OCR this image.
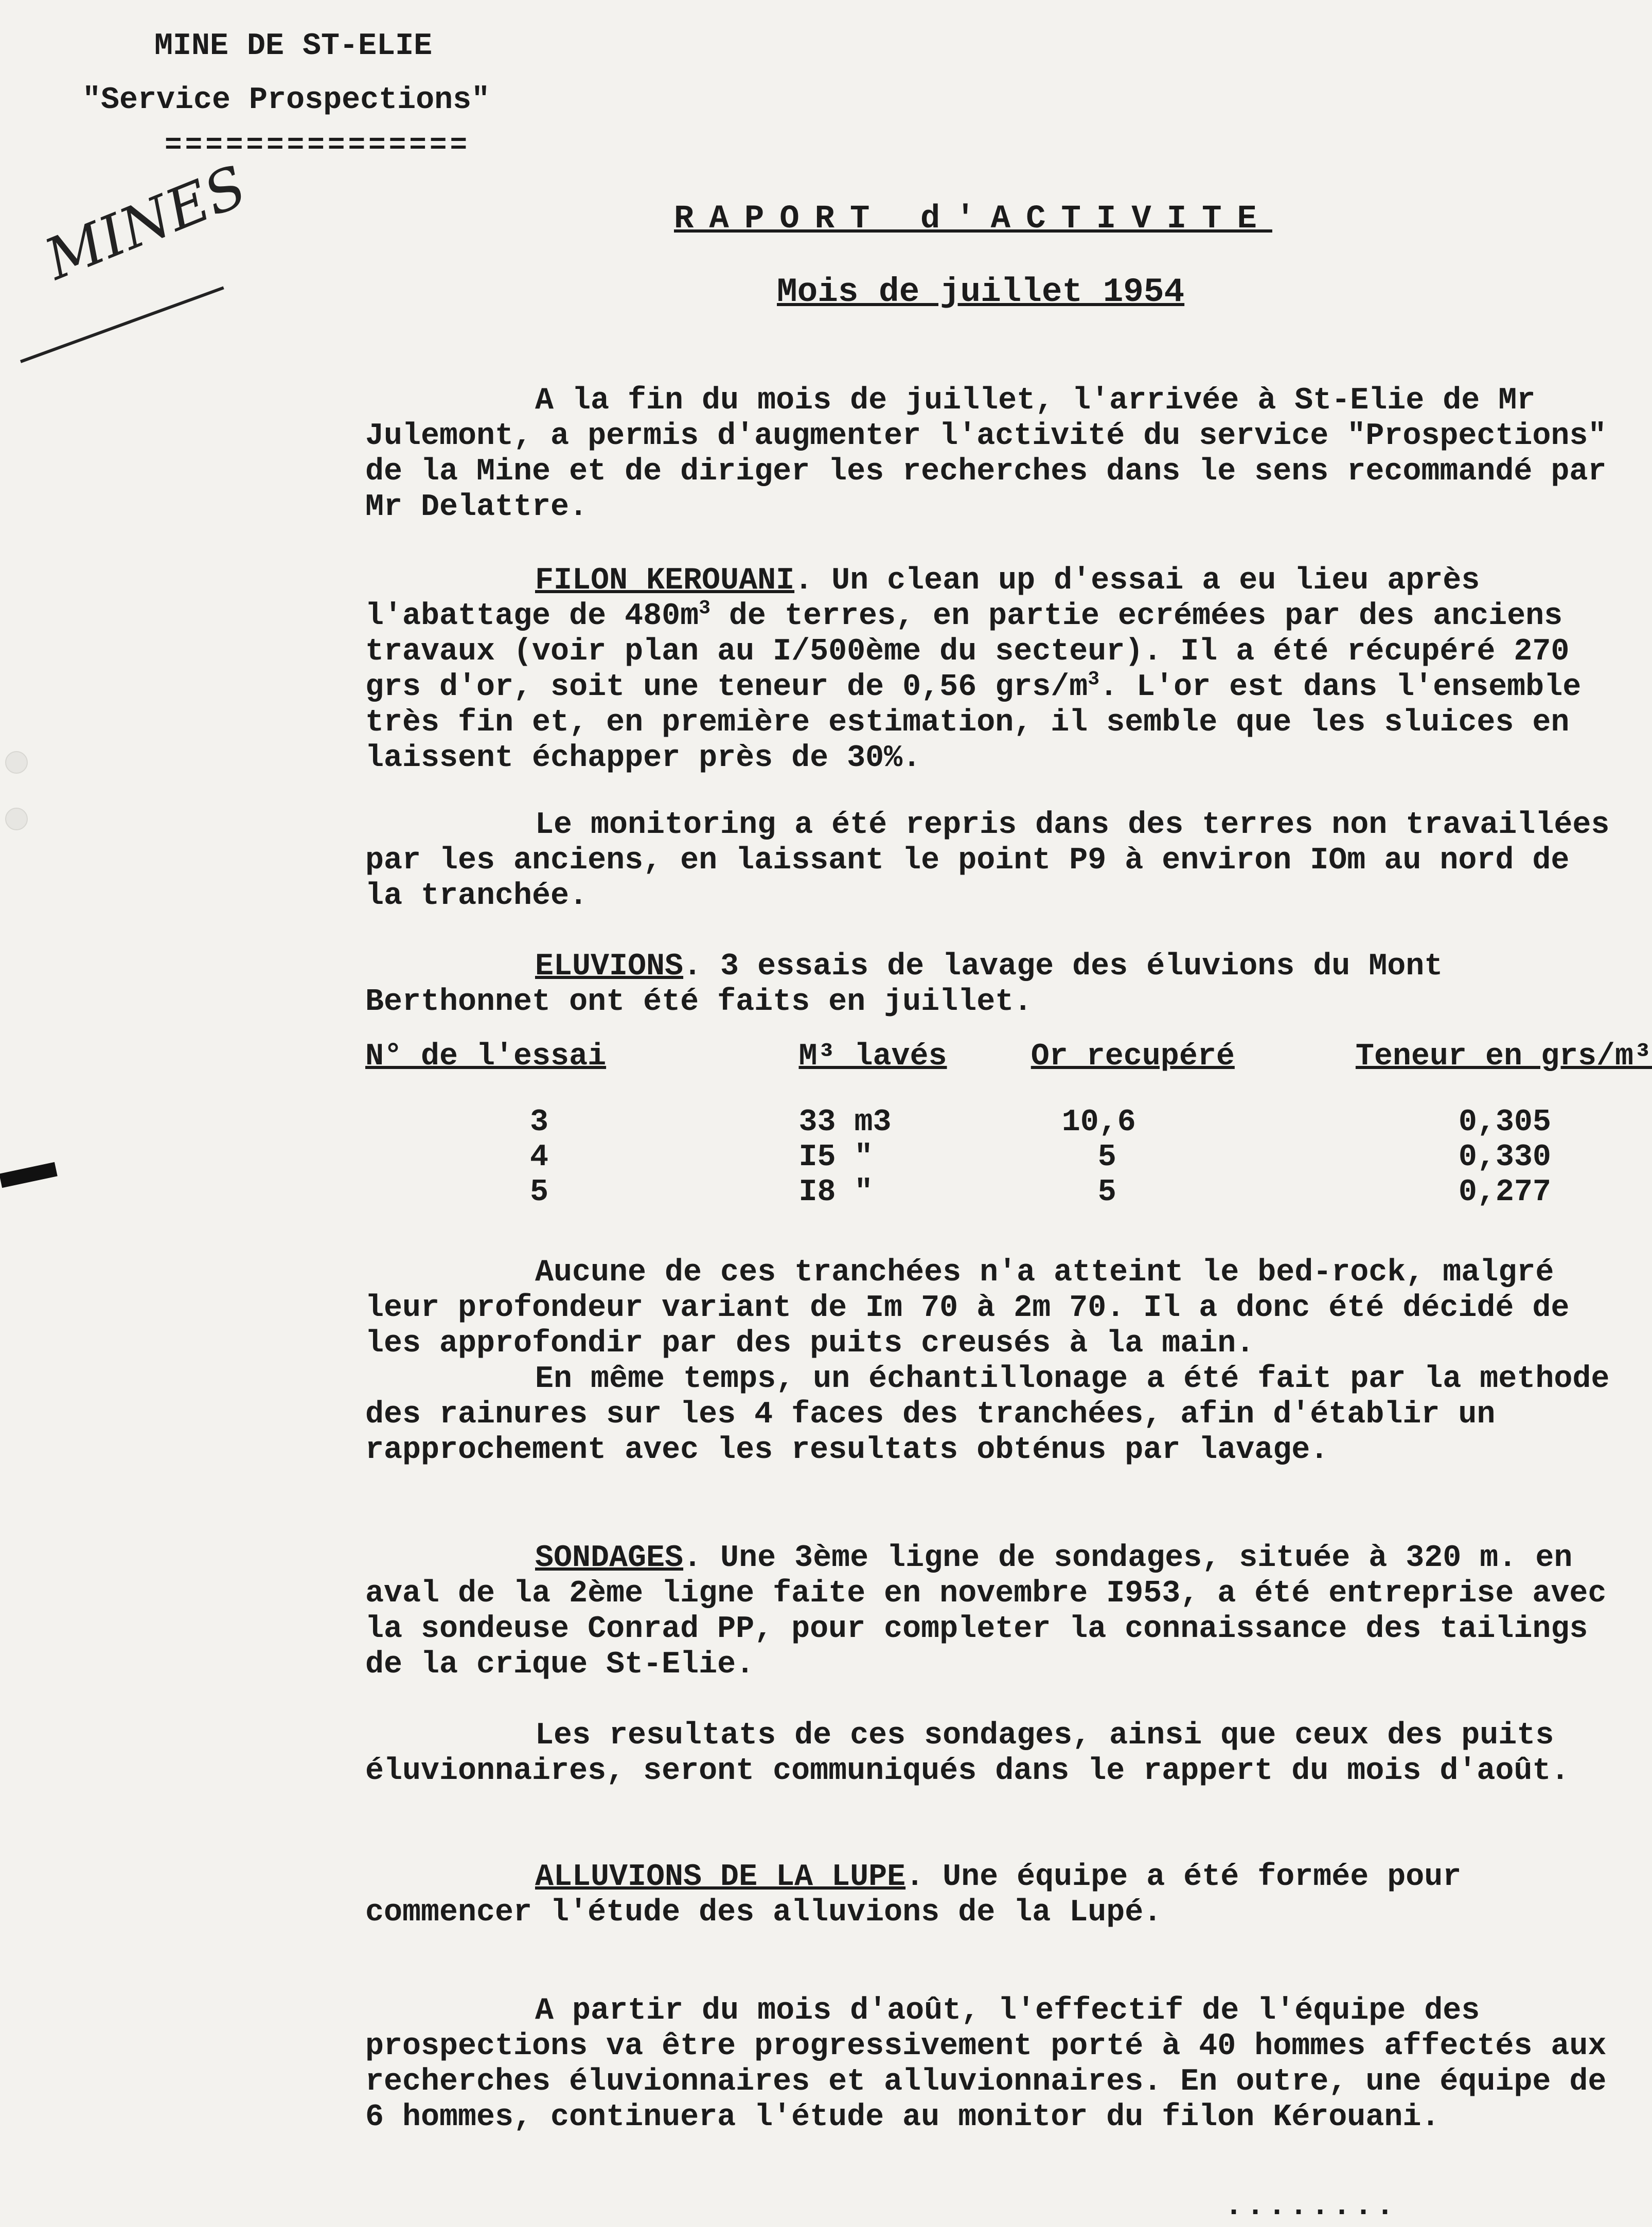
MINE DE ST-ELIE
"Service Prospections"
===============
MINES	RAPORT d'ACTIVITE
Mois de juillet 1954

A la fin du mois de juillet, l'arrivée à St-Elie de Mr Julemont, a permis d'augmenter l'activité du service "Prospections" de la Mine et de diriger les recherches dans le sens recommandé par Mr Delattre.

FILON KEROUANI. Un clean up d'essai a eu lieu après l'abattage de $480m^3$ de terres, en partie ecrémées par des anciens travaux (voir plan au I/500ème du secteur). Il a été récupéré 270 grs d'or, soit une teneur de 0,56 grs/$m^3$. L'or est dans l'ensemble très fin et, en première estimation, il semble que les sluices en laissent échapper près de 30%.

Le monitoring a été repris dans des terres non travaillées par les anciens, en laissant le point P9 à environ IOm au nord de la tranchée.

ELUVIONS. 3 essais de lavage des éluvions du Mont Berthonnet ont été faits en juillet.

N° de l'essai	M³ lavés	Or recupéré	Teneur en grs/m³
3	33 m3	10,6	0,305
4	I5 "	5	0,330
5	I8 "	5	0,277

Aucune de ces tranchées n'a atteint le bed-rock, malgré leur profondeur variant de Im 70 à 2m 70. Il a donc été décidé de les approfondir par des puits creusés à la main.

En même temps, un échantillonage a été fait par la methode des rainures sur les 4 faces des tranchées, afin d'établir un rapprochement avec les resultats obténus par lavage.

SONDAGES. Une 3ème ligne de sondages, située à 320 m. en aval de la 2ème ligne faite en novembre I953, a été entreprise avec la sondeuse Conrad PP, pour completer la connaissance des tailings de la crique St-Elie.

Les resultats de ces sondages, ainsi que ceux des puits éluvionnaires, seront communiqués dans le rappert du mois d'août.

ALLUVIONS DE LA LUPE. Une équipe a été formée pour commencer l'étude des alluvions de la Lupé.

A partir du mois d'août, l'effectif de l'équipe des prospections va être progressivement porté à 40 hommes affectés aux recherches éluvionnaires et alluvionnaires. En outre, une équipe de 6 hommes, continuera l'étude au monitor du filon Kérouani.

........
